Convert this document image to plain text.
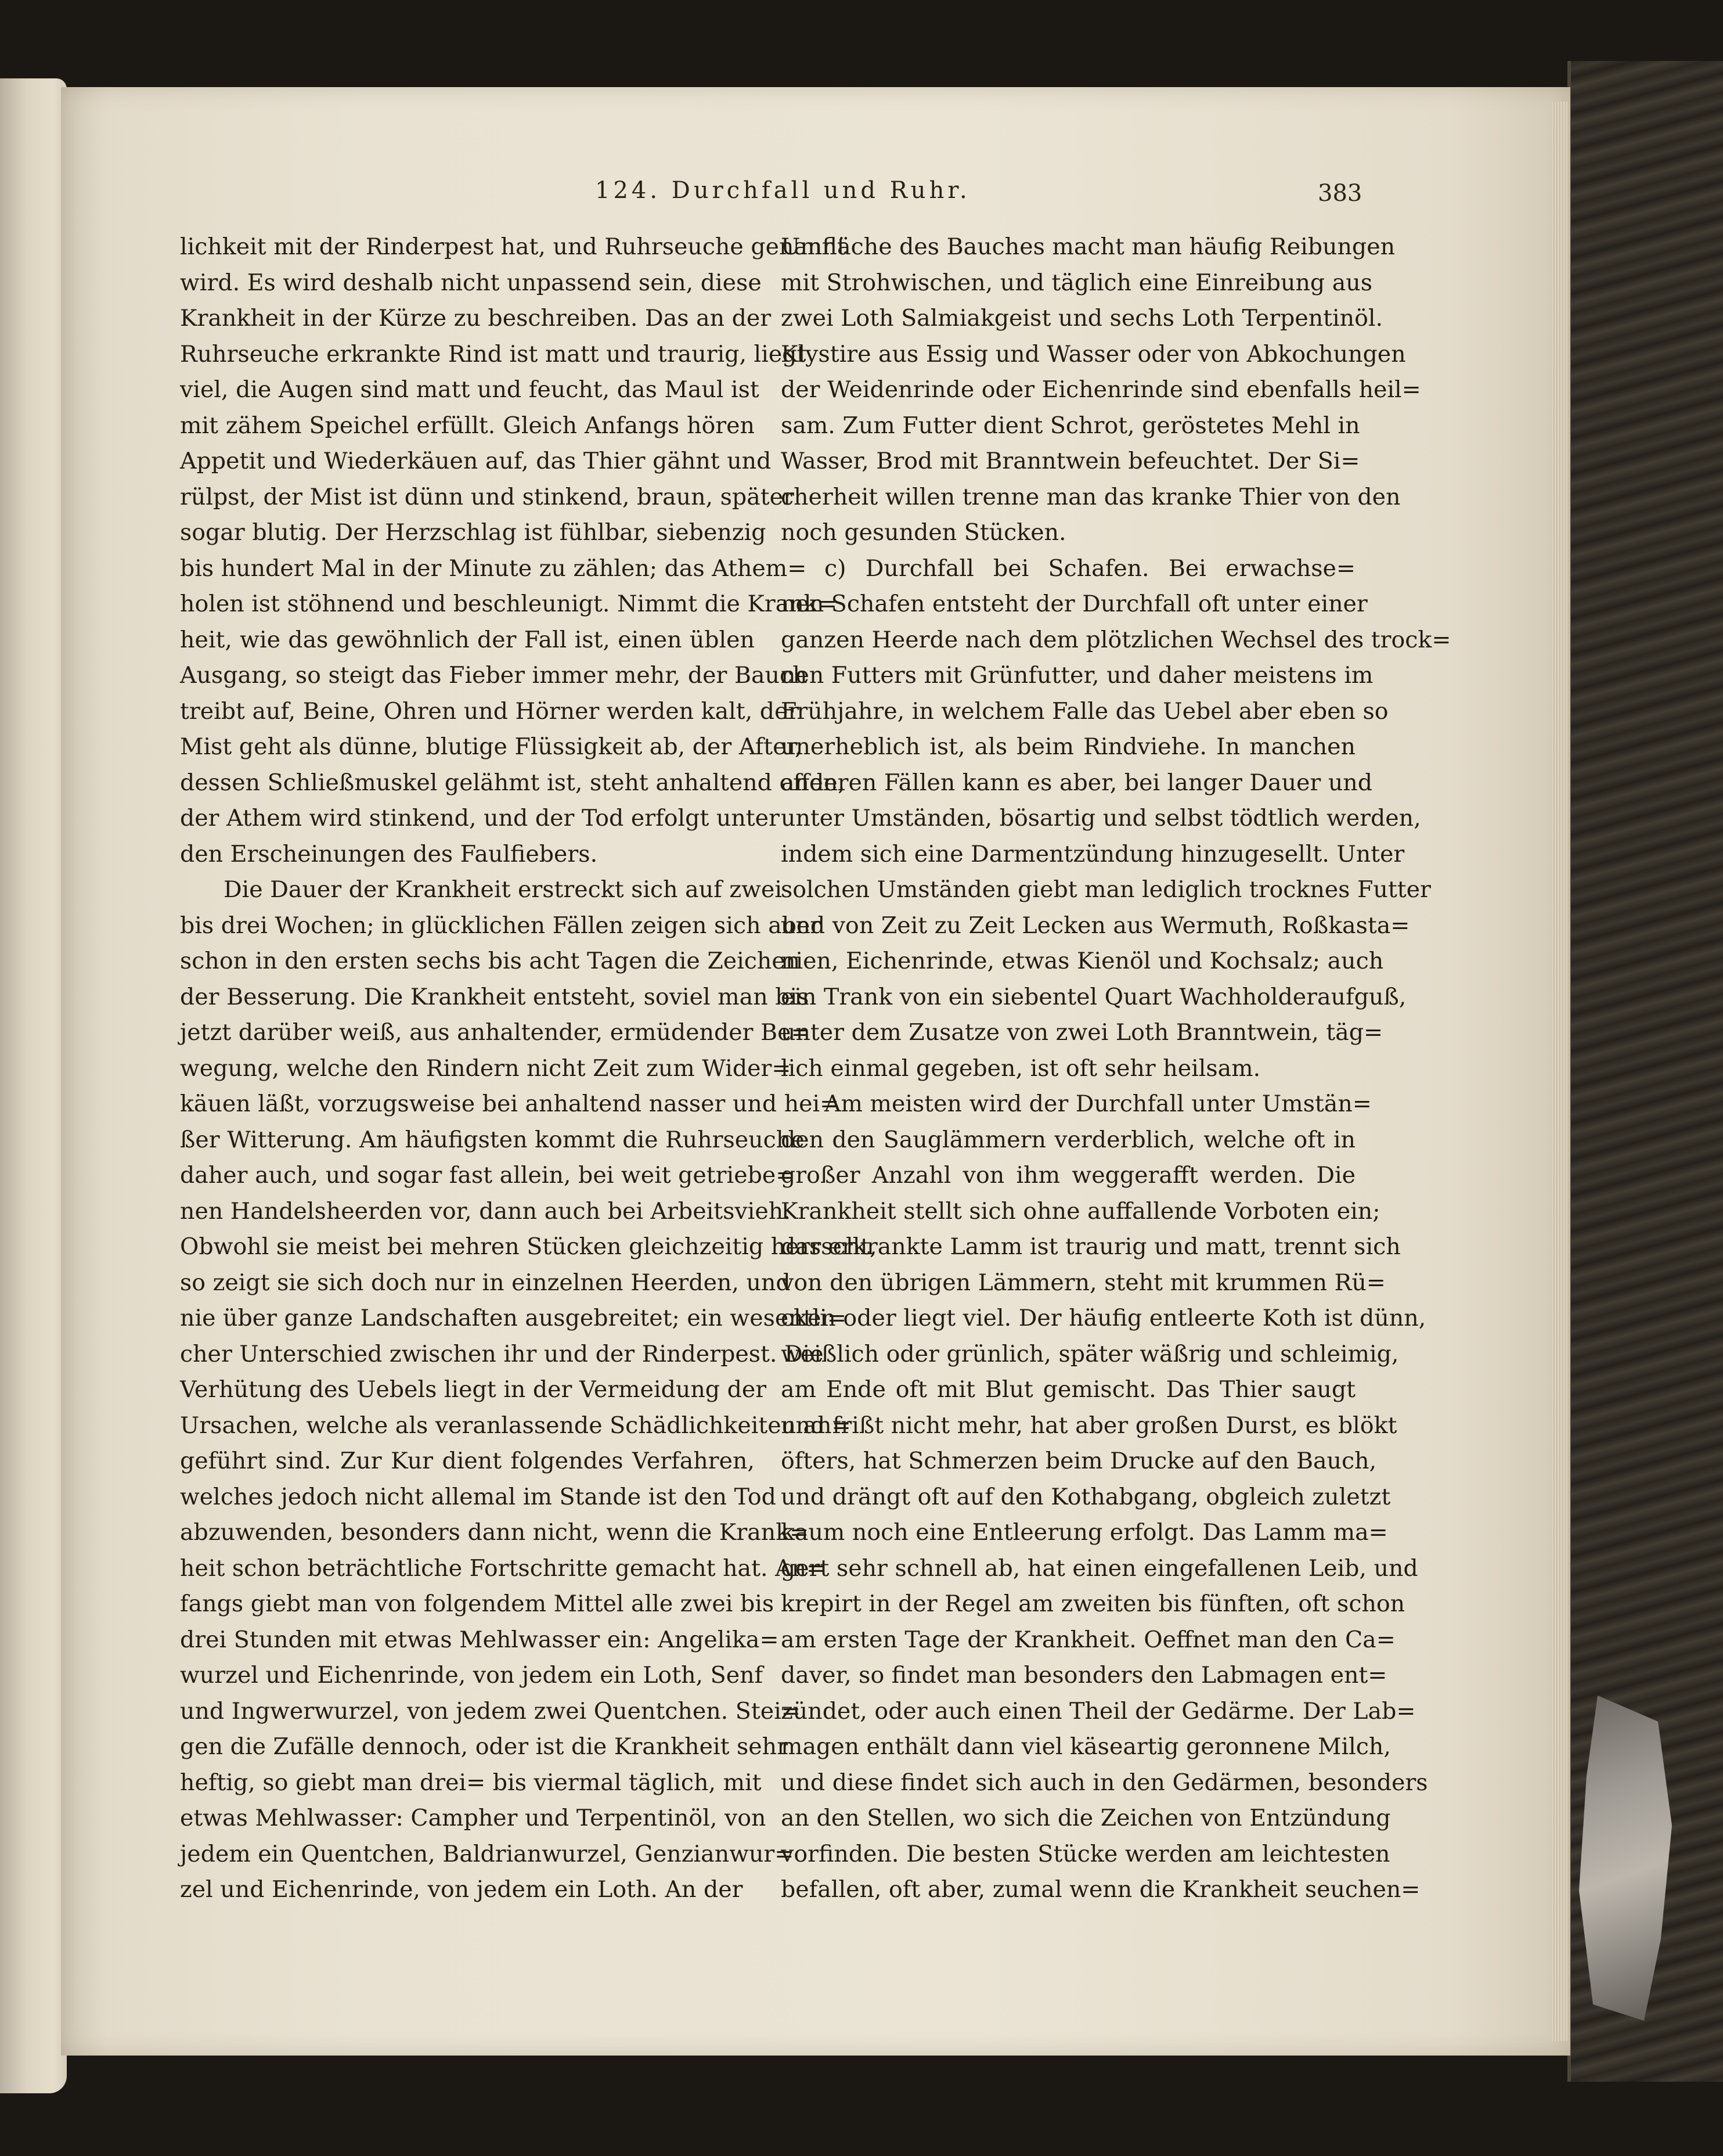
124. Durchfall und Ruhr.	383
lichkeit mit der Rinderpest hat, und Ruhrseuche genannt
wird. Es wird deshalb nicht unpassend sein, diese
Krankheit in der Kürze zu beschreiben. Das an der
Ruhrseuche erkrankte Rind ist matt und traurig, liegt
viel, die Augen sind matt und feucht, das Maul ist
mit zähem Speichel erfüllt. Gleich Anfangs hören
Appetit und Wiederkäuen auf, das Thier gähnt und
rülpst, der Mist ist dünn und stinkend, braun, später
sogar blutig. Der Herzschlag ist fühlbar, siebenzig
bis hundert Mal in der Minute zu zählen; das Athem=
holen ist stöhnend und beschleunigt. Nimmt die Krank=
heit, wie das gewöhnlich der Fall ist, einen üblen
Ausgang, so steigt das Fieber immer mehr, der Bauch
treibt auf, Beine, Ohren und Hörner werden kalt, der
Mist geht als dünne, blutige Flüssigkeit ab, der After,
dessen Schließmuskel gelähmt ist, steht anhaltend offen,
der Athem wird stinkend, und der Tod erfolgt unter
den Erscheinungen des Faulfiebers.
Die Dauer der Krankheit erstreckt sich auf zwei
bis drei Wochen; in glücklichen Fällen zeigen sich aber
schon in den ersten sechs bis acht Tagen die Zeichen
der Besserung. Die Krankheit entsteht, soviel man bis
jetzt darüber weiß, aus anhaltender, ermüdender Be=
wegung, welche den Rindern nicht Zeit zum Wider=
käuen läßt, vorzugsweise bei anhaltend nasser und hei=
ßer Witterung. Am häufigsten kommt die Ruhrseuche
daher auch, und sogar fast allein, bei weit getriebe=
nen Handelsheerden vor, dann auch bei Arbeitsvieh.
Obwohl sie meist bei mehren Stücken gleichzeitig herrscht,
so zeigt sie sich doch nur in einzelnen Heerden, und
nie über ganze Landschaften ausgebreitet; ein wesentli=
cher Unterschied zwischen ihr und der Rinderpest. Die
Verhütung des Uebels liegt in der Vermeidung der
Ursachen, welche als veranlassende Schädlichkeiten an=
geführt sind. Zur Kur dient folgendes Verfahren,
welches jedoch nicht allemal im Stande ist den Tod
abzuwenden, besonders dann nicht, wenn die Krank=
heit schon beträchtliche Fortschritte gemacht hat. An=
fangs giebt man von folgendem Mittel alle zwei bis
drei Stunden mit etwas Mehlwasser ein: Angelika=
wurzel und Eichenrinde, von jedem ein Loth, Senf
und Ingwerwurzel, von jedem zwei Quentchen. Stei=
gen die Zufälle dennoch, oder ist die Krankheit sehr
heftig, so giebt man drei= bis viermal täglich, mit
etwas Mehlwasser: Campher und Terpentinöl, von
jedem ein Quentchen, Baldrianwurzel, Genzianwur=
zel und Eichenrinde, von jedem ein Loth. An der
Umfläche des Bauches macht man häufig Reibungen
mit Strohwischen, und täglich eine Einreibung aus
zwei Loth Salmiakgeist und sechs Loth Terpentinöl.
Klystire aus Essig und Wasser oder von Abkochungen
der Weidenrinde oder Eichenrinde sind ebenfalls heil=
sam. Zum Futter dient Schrot, geröstetes Mehl in
Wasser, Brod mit Branntwein befeuchtet. Der Si=
cherheit willen trenne man das kranke Thier von den
noch gesunden Stücken.
c) Durchfall bei Schafen. Bei erwachse=
nen Schafen entsteht der Durchfall oft unter einer
ganzen Heerde nach dem plötzlichen Wechsel des trock=
nen Futters mit Grünfutter, und daher meistens im
Frühjahre, in welchem Falle das Uebel aber eben so
unerheblich ist, als beim Rindviehe. In manchen
anderen Fällen kann es aber, bei langer Dauer und
unter Umständen, bösartig und selbst tödtlich werden,
indem sich eine Darmentzündung hinzugesellt. Unter
solchen Umständen giebt man lediglich trocknes Futter
und von Zeit zu Zeit Lecken aus Wermuth, Roßkasta=
nien, Eichenrinde, etwas Kienöl und Kochsalz; auch
ein Trank von ein siebentel Quart Wachholderaufguß,
unter dem Zusatze von zwei Loth Branntwein, täg=
lich einmal gegeben, ist oft sehr heilsam.
Am meisten wird der Durchfall unter Umstän=
den den Sauglämmern verderblich, welche oft in
großer Anzahl von ihm weggerafft werden. Die
Krankheit stellt sich ohne auffallende Vorboten ein;
das erkrankte Lamm ist traurig und matt, trennt sich
von den übrigen Lämmern, steht mit krummen Rü=
cken oder liegt viel. Der häufig entleerte Koth ist dünn,
weißlich oder grünlich, später wäßrig und schleimig,
am Ende oft mit Blut gemischt. Das Thier saugt
und frißt nicht mehr, hat aber großen Durst, es blökt
öfters, hat Schmerzen beim Drucke auf den Bauch,
und drängt oft auf den Kothabgang, obgleich zuletzt
kaum noch eine Entleerung erfolgt. Das Lamm ma=
gert sehr schnell ab, hat einen eingefallenen Leib, und
krepirt in der Regel am zweiten bis fünften, oft schon
am ersten Tage der Krankheit. Oeffnet man den Ca=
daver, so findet man besonders den Labmagen ent=
zündet, oder auch einen Theil der Gedärme. Der Lab=
magen enthält dann viel käseartig geronnene Milch,
und diese findet sich auch in den Gedärmen, besonders
an den Stellen, wo sich die Zeichen von Entzündung
vorfinden. Die besten Stücke werden am leichtesten
befallen, oft aber, zumal wenn die Krankheit seuchen=
